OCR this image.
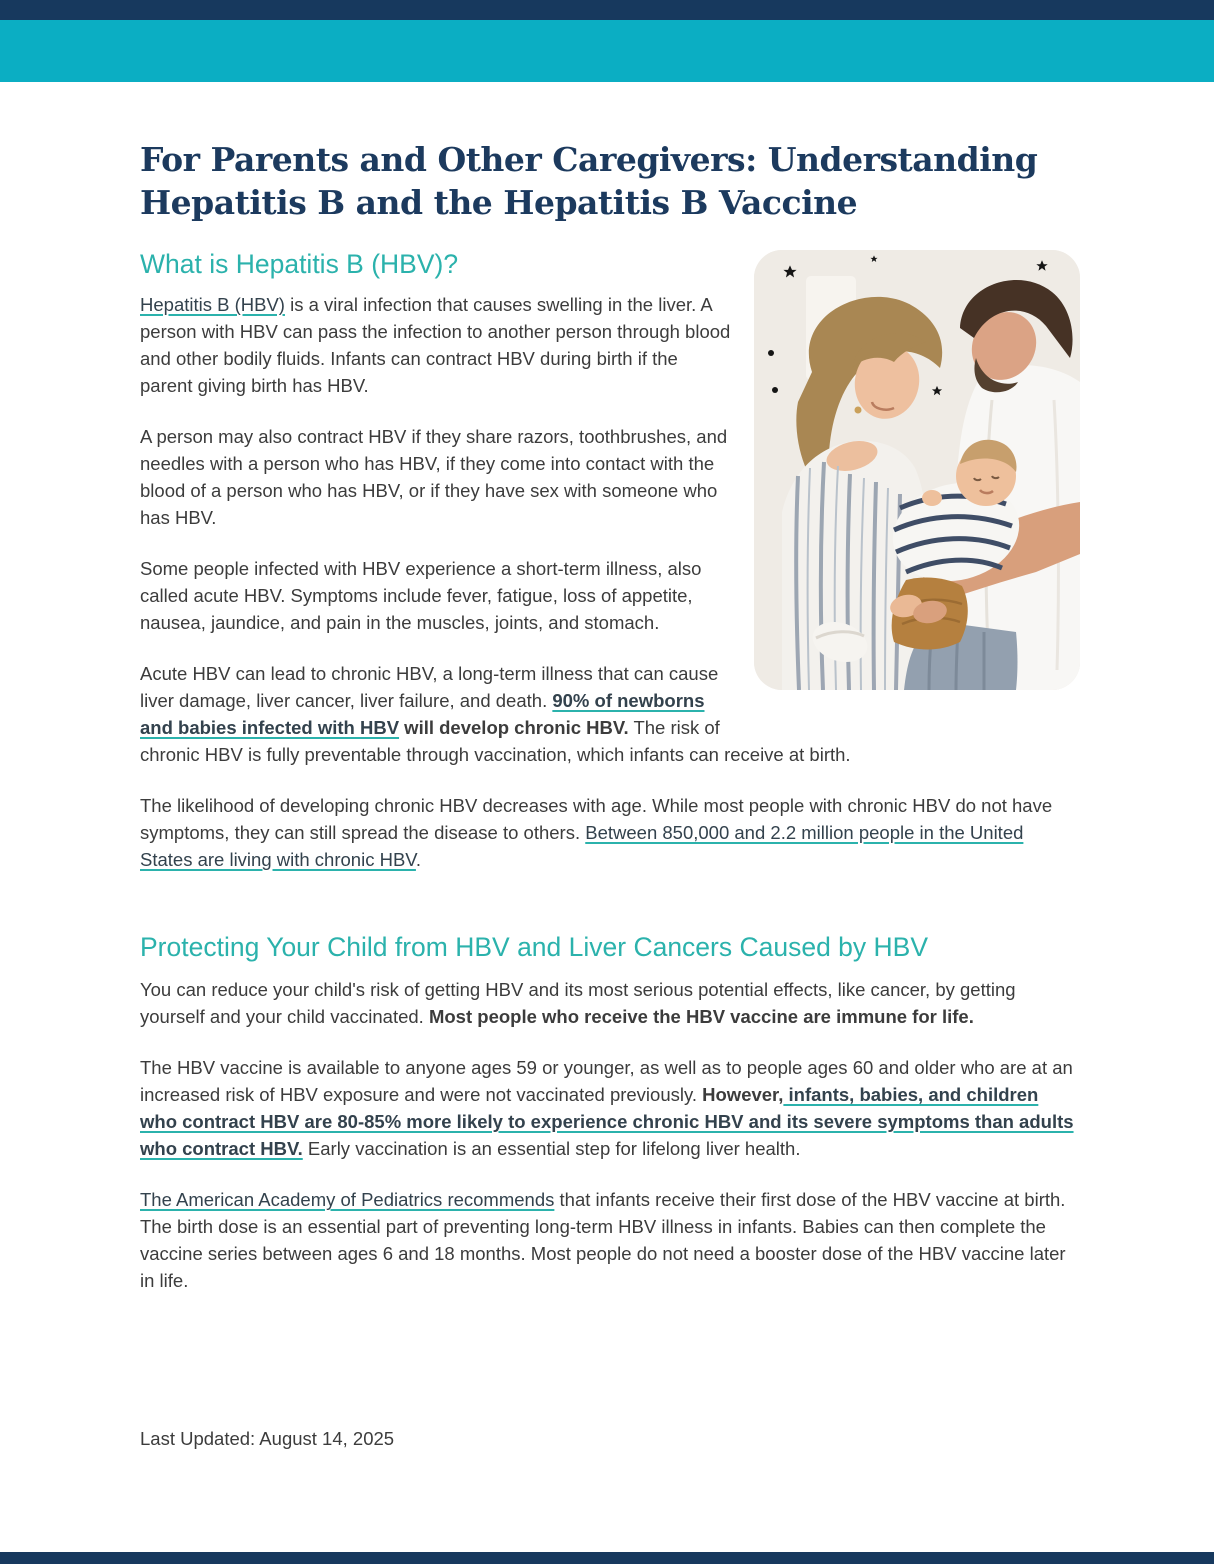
For Parents and Other Caregivers: Understanding
Hepatitis B and the Hepatitis B Vaccine
What is Hepatitis B (HBV)?

Hepatitis B (HBV) is a viral infection that causes swelling in the liver. A person with HBV can pass the infection to another person through blood and other bodily fluids. Infants can contract HBV during birth if the parent giving birth has HBV.

A person may also contract HBV if they share razors, toothbrushes, and needles with a person who has HBV, if they come into contact with the blood of a person who has HBV, or if they have sex with someone who has HBV.

Some people infected with HBV experience a short-term illness, also called acute HBV. Symptoms include fever, fatigue, loss of appetite, nausea, jaundice, and pain in the muscles, joints, and stomach.

Acute HBV can lead to chronic HBV, a long-term illness that can cause liver damage, liver cancer, liver failure, and death. 90% of newborns and babies infected with HBV will develop chronic HBV. The risk of chronic HBV is fully preventable through vaccination, which infants can receive at birth.

The likelihood of developing chronic HBV decreases with age. While most people with chronic HBV do not have symptoms, they can still spread the disease to others. Between 850,000 and 2.2 million people in the United States are living with chronic HBV.

Protecting Your Child from HBV and Liver Cancers Caused by HBV

You can reduce your child's risk of getting HBV and its most serious potential effects, like cancer, by getting yourself and your child vaccinated. Most people who receive the HBV vaccine are immune for life.

The HBV vaccine is available to anyone ages 59 or younger, as well as to people ages 60 and older who are at an increased risk of HBV exposure and were not vaccinated previously. However, infants, babies, and children who contract HBV are 80-85% more likely to experience chronic HBV and its severe symptoms than adults who contract HBV. Early vaccination is an essential step for lifelong liver health.

The American Academy of Pediatrics recommends that infants receive their first dose of the HBV vaccine at birth. The birth dose is an essential part of preventing long-term HBV illness in infants. Babies can then complete the vaccine series between ages 6 and 18 months. Most people do not need a booster dose of the HBV vaccine later in life.

Last Updated: August 14, 2025
